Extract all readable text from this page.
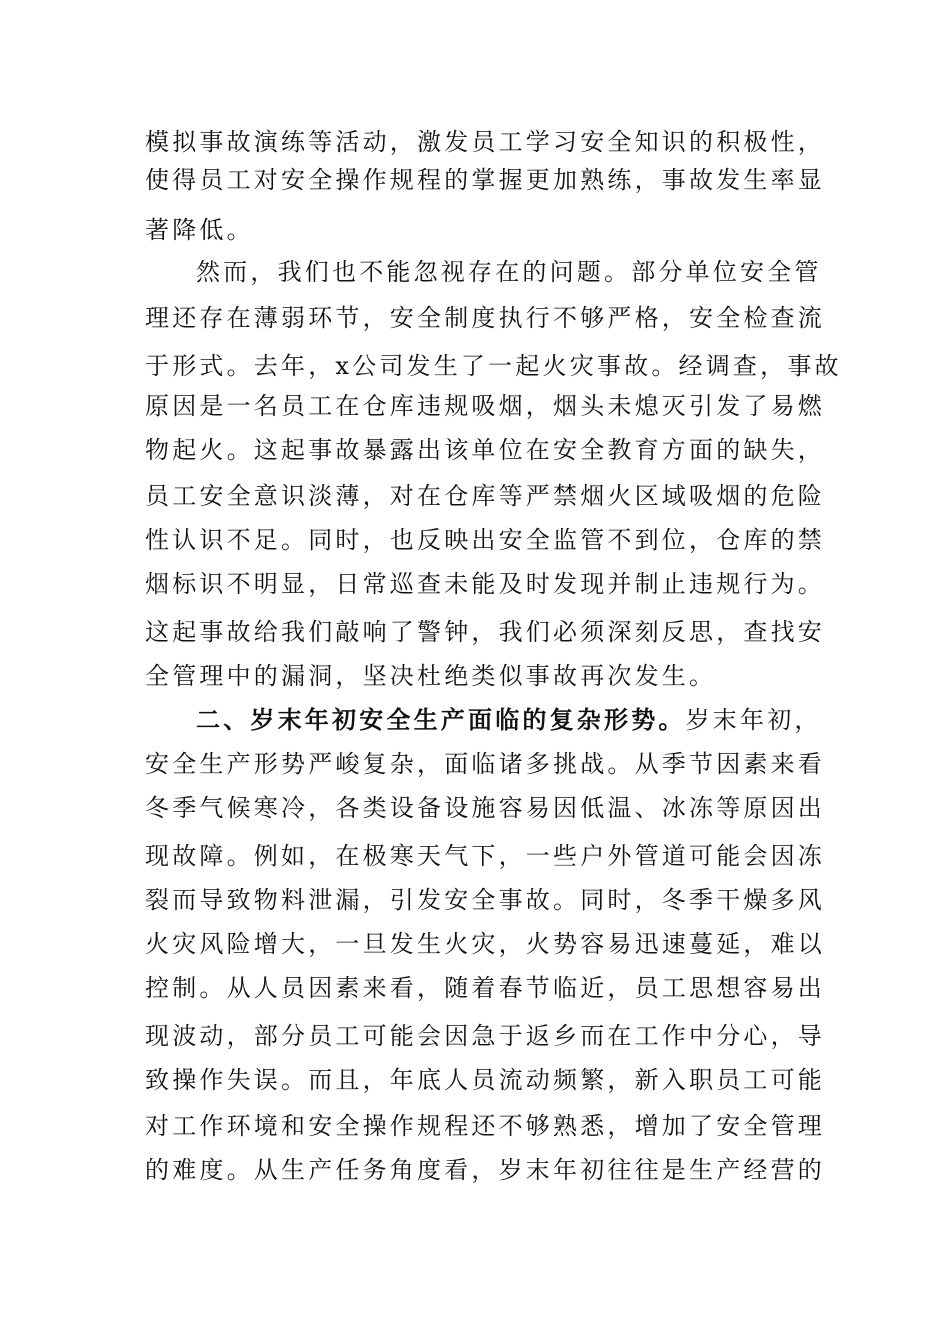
模拟事故演练等活动，激发员工学习安全知识的积极性，
使得员工对安全操作规程的掌握更加熟练，事故发生率显
著降低。
然而，我们也不能忽视存在的问题。部分单位安全管
理还存在薄弱环节，安全制度执行不够严格，安全检查流
于形式。去年，x公司发生了一起火灾事故。经调查，事故
原因是一名员工在仓库违规吸烟，烟头未熄灭引发了易燃
物起火。这起事故暴露出该单位在安全教育方面的缺失，
员工安全意识淡薄，对在仓库等严禁烟火区域吸烟的危险
性认识不足。同时，也反映出安全监管不到位，仓库的禁
烟标识不明显，日常巡查未能及时发现并制止违规行为。
这起事故给我们敲响了警钟，我们必须深刻反思，查找安
全管理中的漏洞，坚决杜绝类似事故再次发生。
二、岁末年初安全生产面临的复杂形势。岁末年初，
安全生产形势严峻复杂，面临诸多挑战。从季节因素来看
冬季气候寒冷，各类设备设施容易因低温、冰冻等原因出
现故障。例如，在极寒天气下，一些户外管道可能会因冻
裂而导致物料泄漏，引发安全事故。同时，冬季干燥多风
火灾风险增大，一旦发生火灾，火势容易迅速蔓延，难以
控制。从人员因素来看，随着春节临近，员工思想容易出
现波动，部分员工可能会因急于返乡而在工作中分心，导
致操作失误。而且，年底人员流动频繁，新入职员工可能
对工作环境和安全操作规程还不够熟悉，增加了安全管理
的难度。从生产任务角度看，岁末年初往往是生产经营的
